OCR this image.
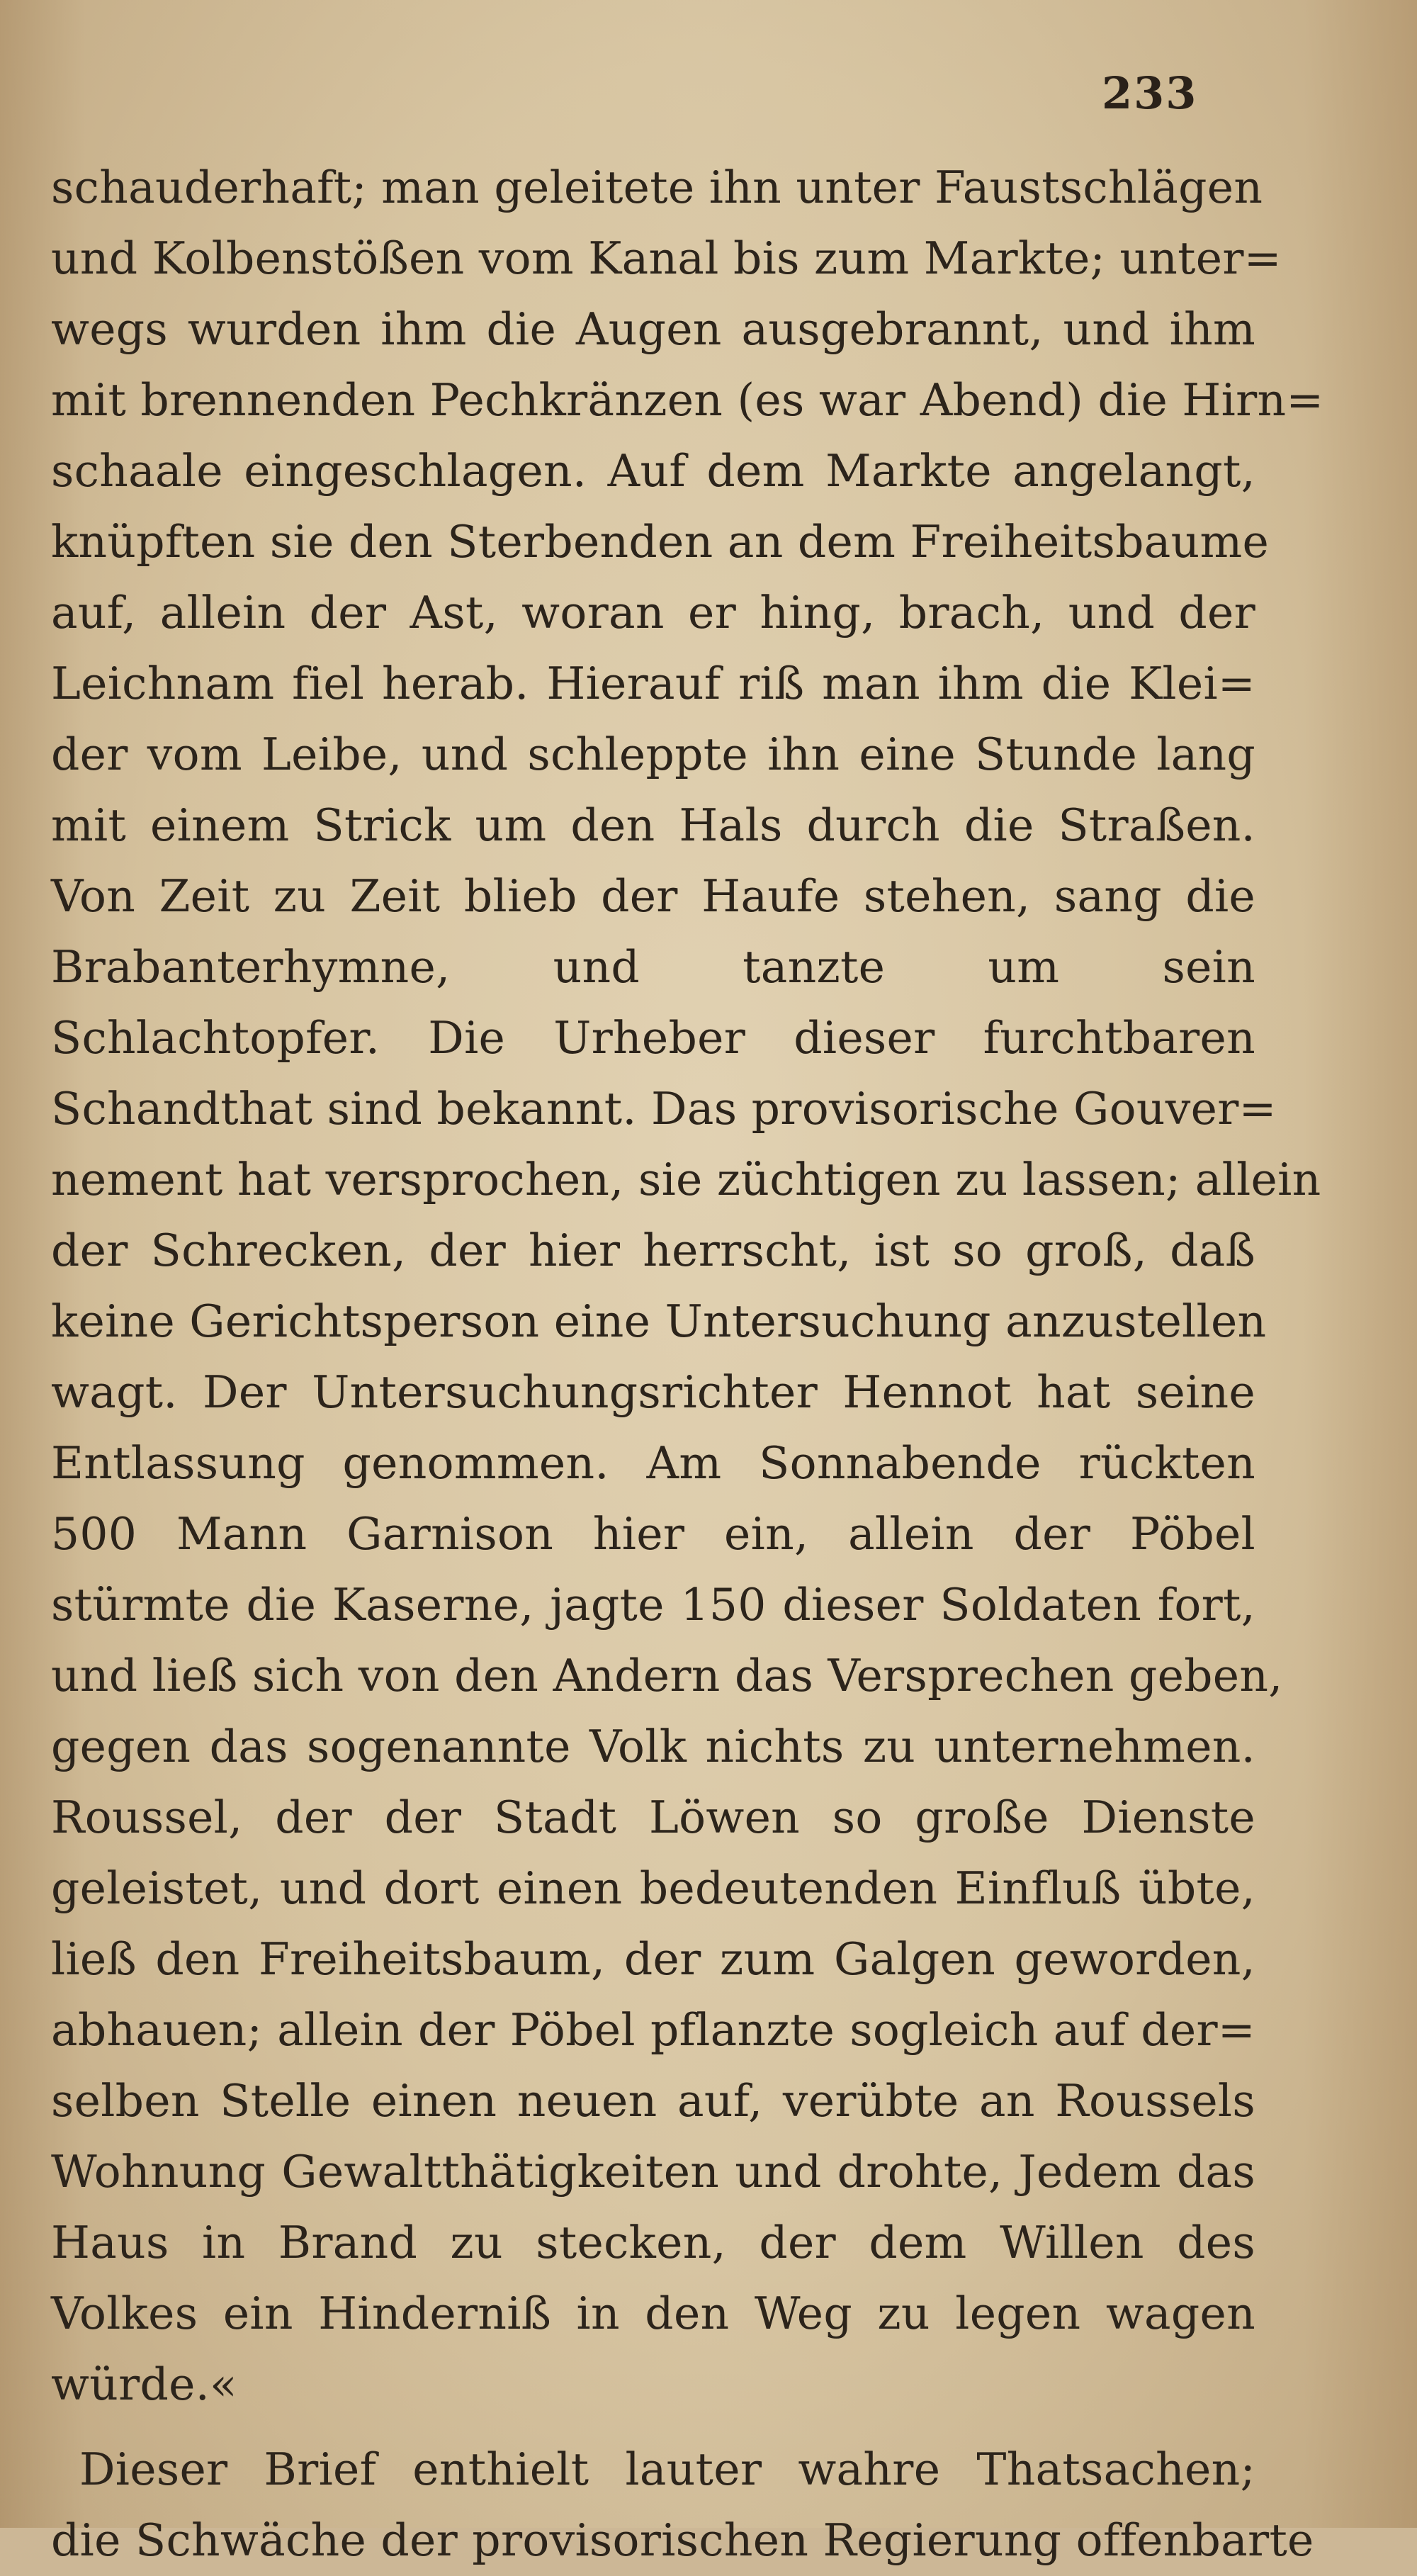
233
schauderhaft; man geleitete ihn unter Faustschlägen
und Kolbenstößen vom Kanal bis zum Markte; unter=
wegs wurden ihm die Augen ausgebrannt, und ihm
mit brennenden Pechkränzen (es war Abend) die Hirn=
schaale eingeschlagen. Auf dem Markte angelangt,
knüpften sie den Sterbenden an dem Freiheitsbaume
auf, allein der Ast, woran er hing, brach, und der
Leichnam fiel herab. Hierauf riß man ihm die Klei=
der vom Leibe, und schleppte ihn eine Stunde lang
mit einem Strick um den Hals durch die Straßen.
Von Zeit zu Zeit blieb der Haufe stehen, sang die
Brabanterhymne, und tanzte um sein
Schlachtopfer. Die Urheber dieser furchtbaren
Schandthat sind bekannt. Das provisorische Gouver=
nement hat versprochen, sie züchtigen zu lassen; allein
der Schrecken, der hier herrscht, ist so groß, daß
keine Gerichtsperson eine Untersuchung anzustellen
wagt. Der Untersuchungsrichter Hennot hat seine
Entlassung genommen. Am Sonnabende rückten
500 Mann Garnison hier ein, allein der Pöbel
stürmte die Kaserne, jagte 150 dieser Soldaten fort,
und ließ sich von den Andern das Versprechen geben,
gegen das sogenannte Volk nichts zu unternehmen.
Roussel, der der Stadt Löwen so große Dienste
geleistet, und dort einen bedeutenden Einfluß übte,
ließ den Freiheitsbaum, der zum Galgen geworden,
abhauen; allein der Pöbel pflanzte sogleich auf der=
selben Stelle einen neuen auf, verübte an Roussels
Wohnung Gewaltthätigkeiten und drohte, Jedem das
Haus in Brand zu stecken, der dem Willen des
Volkes ein Hinderniß in den Weg zu legen wagen
würde.«
Dieser Brief enthielt lauter wahre Thatsachen;
die Schwäche der provisorischen Regierung offenbarte
